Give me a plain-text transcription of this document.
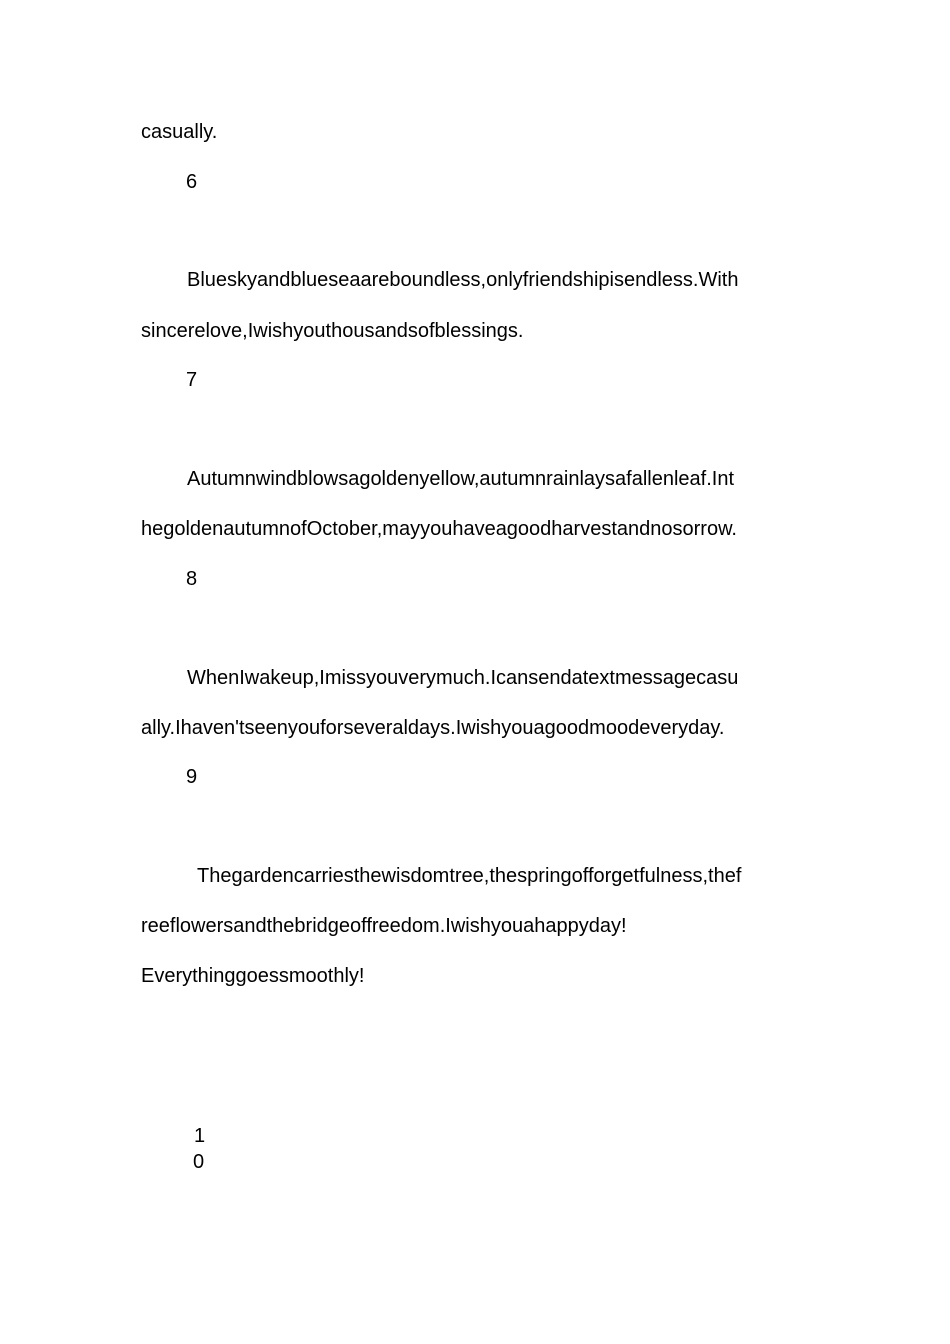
casually.
6
Blueskyandblueseaareboundless,onlyfriendshipisendless.With
sincerelove,Iwishyouthousandsofblessings.
7
Autumnwindblowsagoldenyellow,autumnrainlaysafallenleaf.Int
hegoldenautumnofOctober,mayyouhaveagoodharvestandnosorrow.
8
WhenIwakeup,Imissyouverymuch.Icansendatextmessagecasu
ally.Ihaven'tseenyouforseveraldays.Iwishyouagoodmoodeveryday.
9
Thegardencarriesthewisdomtree,thespringofforgetfulness,thef
reeflowersandthebridgeoffreedom.Iwishyouahappyday!
Everythinggoessmoothly!
1
0
